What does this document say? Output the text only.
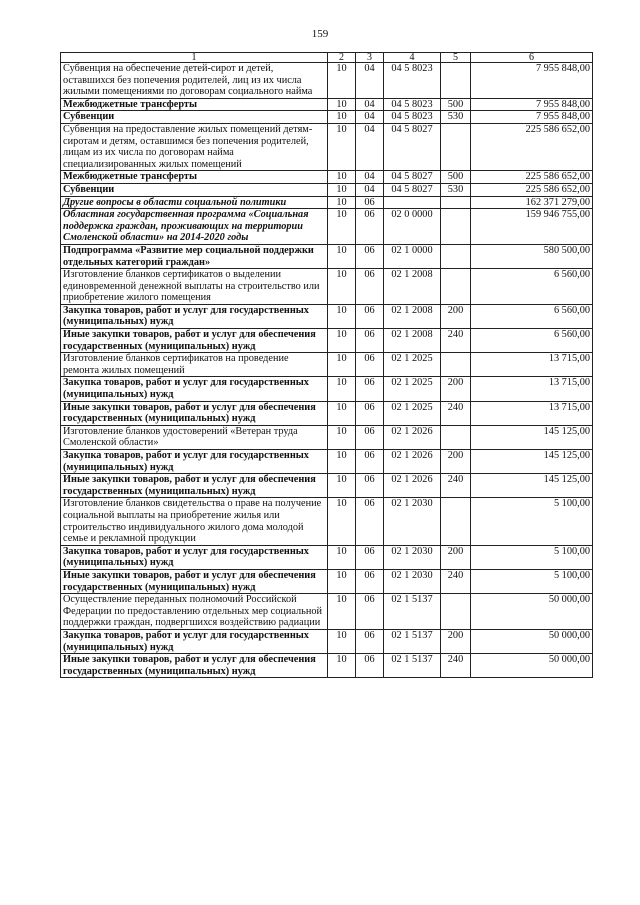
159
1	2	3	4	5	6
Субвенция на обеспечение детей-сирот и детей, оставшихся без попечения родителей, лиц из их числа жилыми помещениями по договорам социального найма	10	04	04 5 8023		7 955 848,00
Межбюджетные трансферты	10	04	04 5 8023	500	7 955 848,00
Субвенции	10	04	04 5 8023	530	7 955 848,00
Субвенция на предоставление жилых помещений детям-сиротам и детям, оставшимся без попечения родителей, лицам из их числа по договорам найма специализированных жилых помещений	10	04	04 5 8027		225 586 652,00
Межбюджетные трансферты	10	04	04 5 8027	500	225 586 652,00
Субвенции	10	04	04 5 8027	530	225 586 652,00
Другие вопросы в области социальной политики	10	06			162 371 279,00
Областная государственная программа «Социальная поддержка граждан, проживающих на территории Смоленской области» на 2014-2020 годы	10	06	02 0 0000		159 946 755,00
Подпрограмма «Развитие мер социальной поддержки отдельных категорий граждан»	10	06	02 1 0000		580 500,00
Изготовление бланков сертификатов о выделении единовременной денежной выплаты на строительство или приобретение жилого помещения	10	06	02 1 2008		6 560,00
Закупка товаров, работ и услуг для государственных (муниципальных) нужд	10	06	02 1 2008	200	6 560,00
Иные закупки товаров, работ и услуг для обеспечения государственных (муниципальных) нужд	10	06	02 1 2008	240	6 560,00
Изготовление бланков сертификатов на проведение ремонта жилых помещений	10	06	02 1 2025		13 715,00
Закупка товаров, работ и услуг для государственных (муниципальных) нужд	10	06	02 1 2025	200	13 715,00
Иные закупки товаров, работ и услуг для обеспечения государственных (муниципальных) нужд	10	06	02 1 2025	240	13 715,00
Изготовление бланков удостоверений «Ветеран труда Смоленской области»	10	06	02 1 2026		145 125,00
Закупка товаров, работ и услуг для государственных (муниципальных) нужд	10	06	02 1 2026	200	145 125,00
Иные закупки товаров, работ и услуг для обеспечения государственных (муниципальных) нужд	10	06	02 1 2026	240	145 125,00
Изготовление бланков свидетельства о праве на получение социальной выплаты на приобретение жилья или строительство индивидуального жилого дома молодой семье и рекламной продукции	10	06	02 1 2030		5 100,00
Закупка товаров, работ и услуг для государственных (муниципальных) нужд	10	06	02 1 2030	200	5 100,00
Иные закупки товаров, работ и услуг для обеспечения государственных (муниципальных) нужд	10	06	02 1 2030	240	5 100,00
Осуществление переданных полномочий Российской Федерации по предоставлению отдельных мер социальной поддержки граждан, подвергшихся воздействию радиации	10	06	02 1 5137		50 000,00
Закупка товаров, работ и услуг для государственных (муниципальных) нужд	10	06	02 1 5137	200	50 000,00
Иные закупки товаров, работ и услуг для обеспечения государственных (муниципальных) нужд	10	06	02 1 5137	240	50 000,00
